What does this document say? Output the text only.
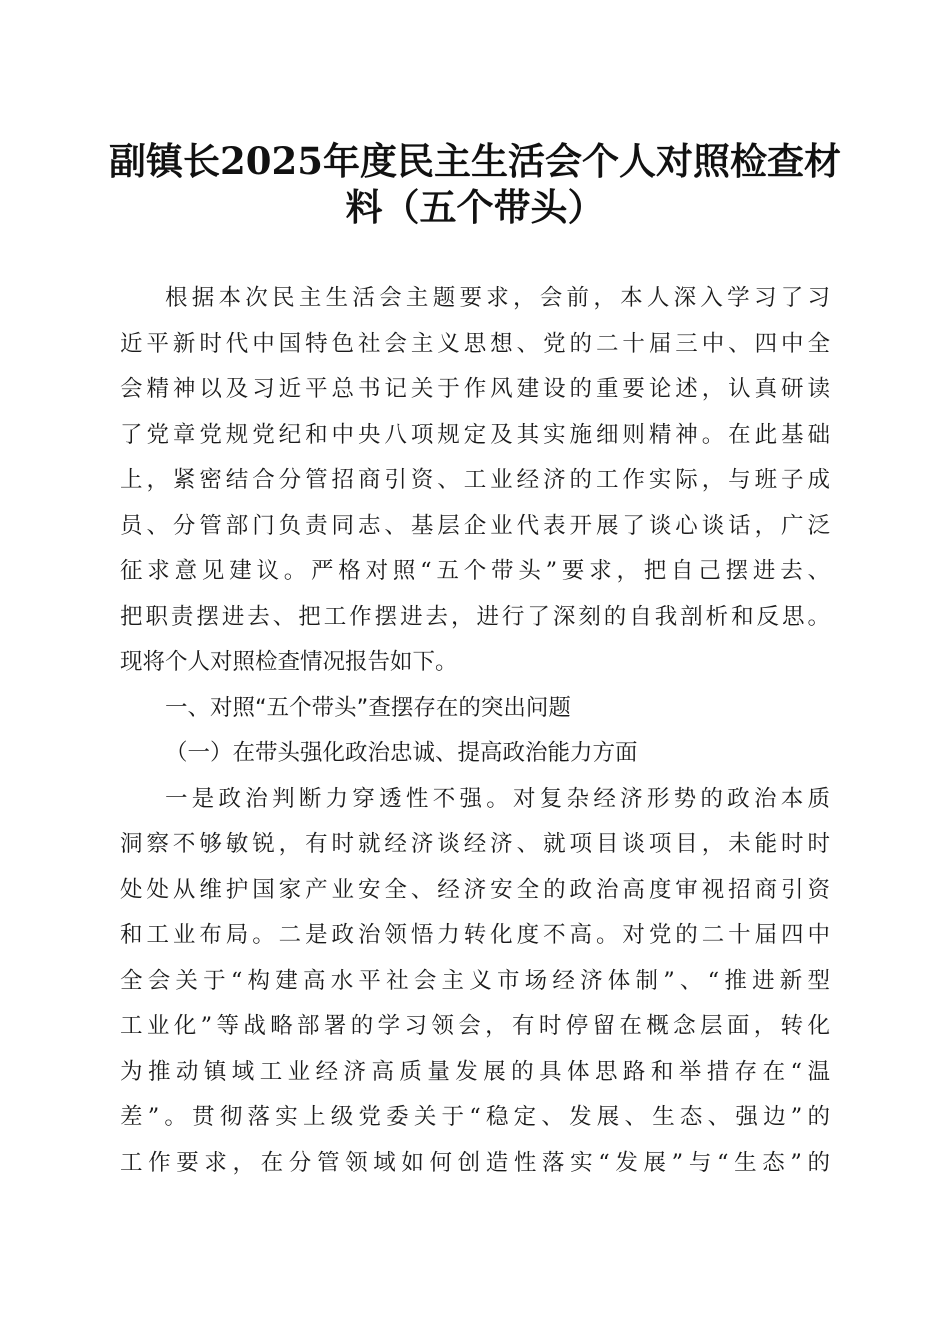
副镇长2025年度民主生活会个人对照检查材
料（五个带头）
根据本次民主生活会主题要求，会前，本人深入学习了习
近平新时代中国特色社会主义思想、党的二十届三中、四中全
会精神以及习近平总书记关于作风建设的重要论述，认真研读
了党章党规党纪和中央八项规定及其实施细则精神。在此基础
上，紧密结合分管招商引资、工业经济的工作实际，与班子成
员、分管部门负责同志、基层企业代表开展了谈心谈话，广泛
征求意见建议。严格对照“五个带头”要求，把自己摆进去、
把职责摆进去、把工作摆进去，进行了深刻的自我剖析和反思。
现将个人对照检查情况报告如下。
一、对照“五个带头”查摆存在的突出问题
（一）在带头强化政治忠诚、提高政治能力方面
一是政治判断力穿透性不强。对复杂经济形势的政治本质
洞察不够敏锐，有时就经济谈经济、就项目谈项目，未能时时
处处从维护国家产业安全、经济安全的政治高度审视招商引资
和工业布局。二是政治领悟力转化度不高。对党的二十届四中
全会关于“构建高水平社会主义市场经济体制”、“推进新型
工业化”等战略部署的学习领会，有时停留在概念层面，转化
为推动镇域工业经济高质量发展的具体思路和举措存在“温
差”。贯彻落实上级党委关于“稳定、发展、生态、强边”的
工作要求，在分管领域如何创造性落实“发展”与“生态”的
